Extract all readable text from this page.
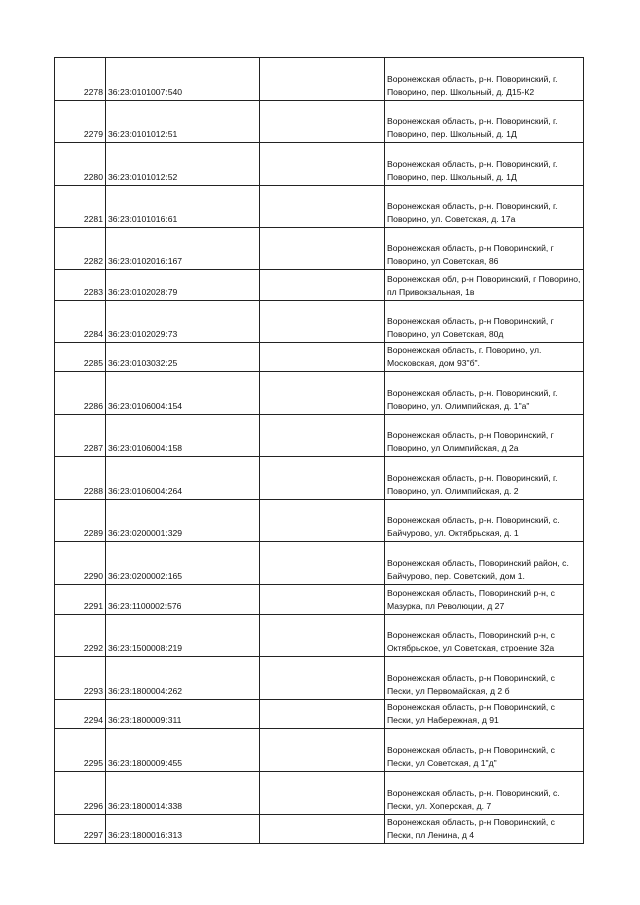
2278	36:23:0101007:540		Воронежская область, р-н. Поворинский, г. Поворино, пер. Школьный, д. Д15-К2
2279	36:23:0101012:51		Воронежская область, р-н. Поворинский, г. Поворино, пер. Школьный, д. 1Д
2280	36:23:0101012:52		Воронежская область, р-н. Поворинский, г. Поворино, пер. Школьный, д. 1Д
2281	36:23:0101016:61		Воронежская область, р-н. Поворинский, г. Поворино, ул. Советская, д. 17а
2282	36:23:0102016:167		Воронежская область, р-н Поворинский, г Поворино, ул Советская, 86
2283	36:23:0102028:79		Воронежская обл, р-н Поворинский, г Поворино, пл Привокзальная, 1в
2284	36:23:0102029:73		Воронежская область, р-н Поворинский, г Поворино, ул Советская, 80д
2285	36:23:0103032:25		Воронежская область, г. Поворино, ул. Московская, дом 93"б".
2286	36:23:0106004:154		Воронежская область, р-н. Поворинский, г. Поворино, ул. Олимпийская, д. 1"а"
2287	36:23:0106004:158		Воронежская область, р-н Поворинский, г Поворино, ул Олимпийская, д 2а
2288	36:23:0106004:264		Воронежская область, р-н. Поворинский, г. Поворино, ул. Олимпийская, д. 2
2289	36:23:0200001:329		Воронежская область, р-н. Поворинский, с. Байчурово, ул. Октябрьская, д. 1
2290	36:23:0200002:165		Воронежская область, Поворинский район, с. Байчурово, пер. Советский, дом 1.
2291	36:23:1100002:576		Воронежская область, Поворинский р-н, с Мазурка, пл Революции, д 27
2292	36:23:1500008:219		Воронежская область, Поворинский р-н, с Октябрьское, ул Советская, строение 32а
2293	36:23:1800004:262		Воронежская область, р-н Поворинский, с Пески, ул Первомайская, д 2 б
2294	36:23:1800009:311		Воронежская область, р-н Поворинский, с Пески, ул Набережная, д 91
2295	36:23:1800009:455		Воронежская область, р-н Поворинский, с Пески, ул Советская, д 1"д"
2296	36:23:1800014:338		Воронежская область, р-н. Поворинский, с. Пески, ул. Хоперская, д. 7
2297	36:23:1800016:313		Воронежская область, р-н Поворинский, с Пески, пл Ленина, д 4
